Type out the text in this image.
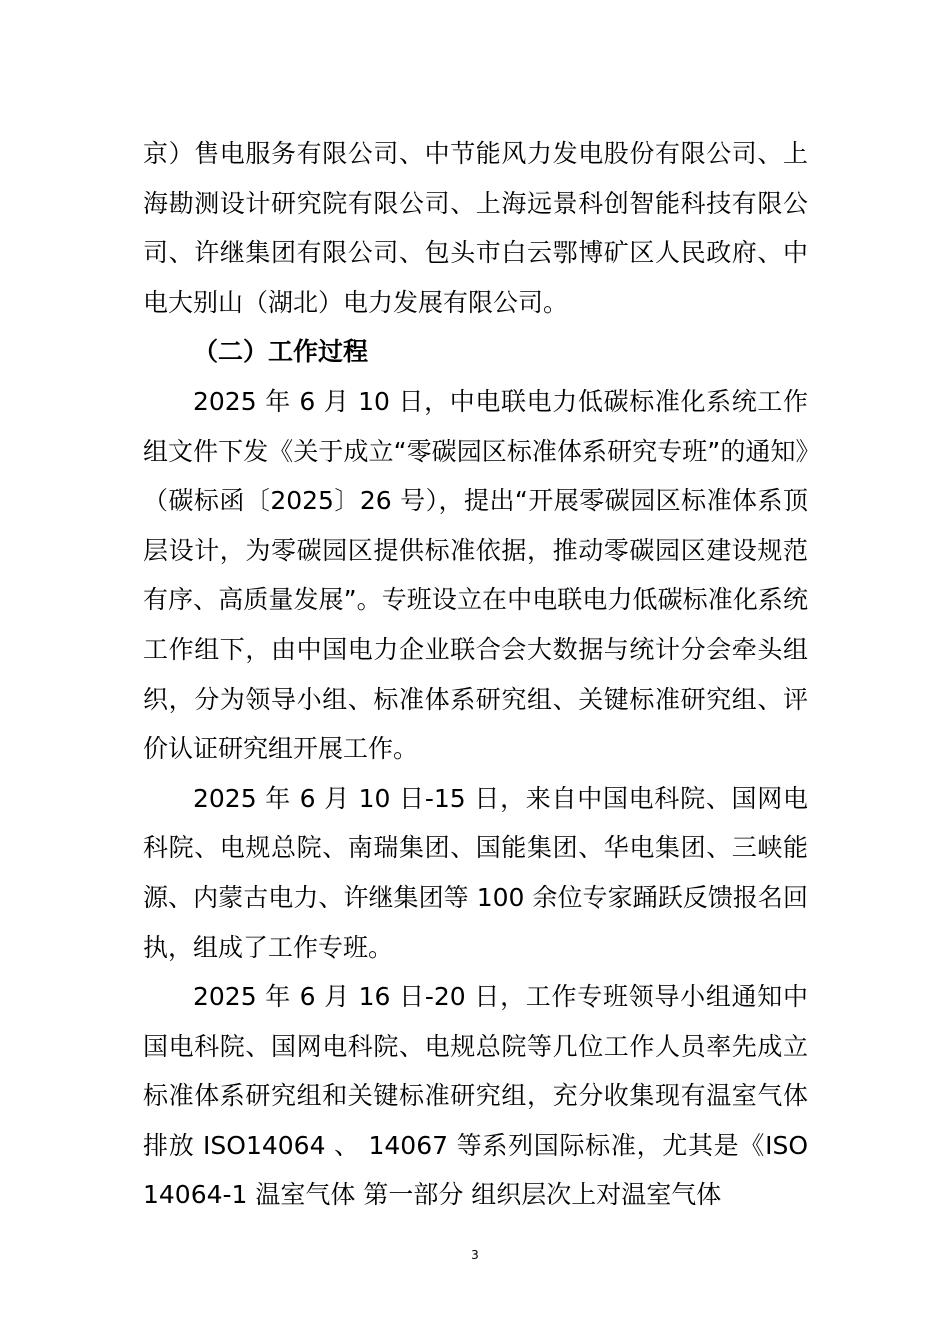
京）售电服务有限公司、中节能风力发电股份有限公司、上海勘测设计研究院有限公司、上海远景科创智能科技有限公司、许继集团有限公司、包头市白云鄂博矿区人民政府、中电大别山（湖北）电力发展有限公司。

（二）工作过程

2025 年 6 月 10 日，中电联电力低碳标准化系统工作组文件下发《关于成立“零碳园区标准体系研究专班”的通知》（碳标函〔2025〕26 号），提出“开展零碳园区标准体系顶层设计，为零碳园区提供标准依据，推动零碳园区建设规范有序、高质量发展”。专班设立在中电联电力低碳标准化系统工作组下，由中国电力企业联合会大数据与统计分会牵头组织，分为领导小组、标准体系研究组、关键标准研究组、评价认证研究组开展工作。

2025 年 6 月 10 日-15 日，来自中国电科院、国网电科院、电规总院、南瑞集团、国能集团、华电集团、三峡能源、内蒙古电力、许继集团等 100 余位专家踊跃反馈报名回执，组成了工作专班。

2025 年 6 月 16 日-20 日，工作专班领导小组通知中国电科院、国网电科院、电规总院等几位工作人员率先成立标准体系研究组和关键标准研究组，充分收集现有温室气体排放 ISO14064 、 14067 等系列国际标准，尤其是《ISO14064-1 温室气体 第一部分 组织层次上对温室气体

3
